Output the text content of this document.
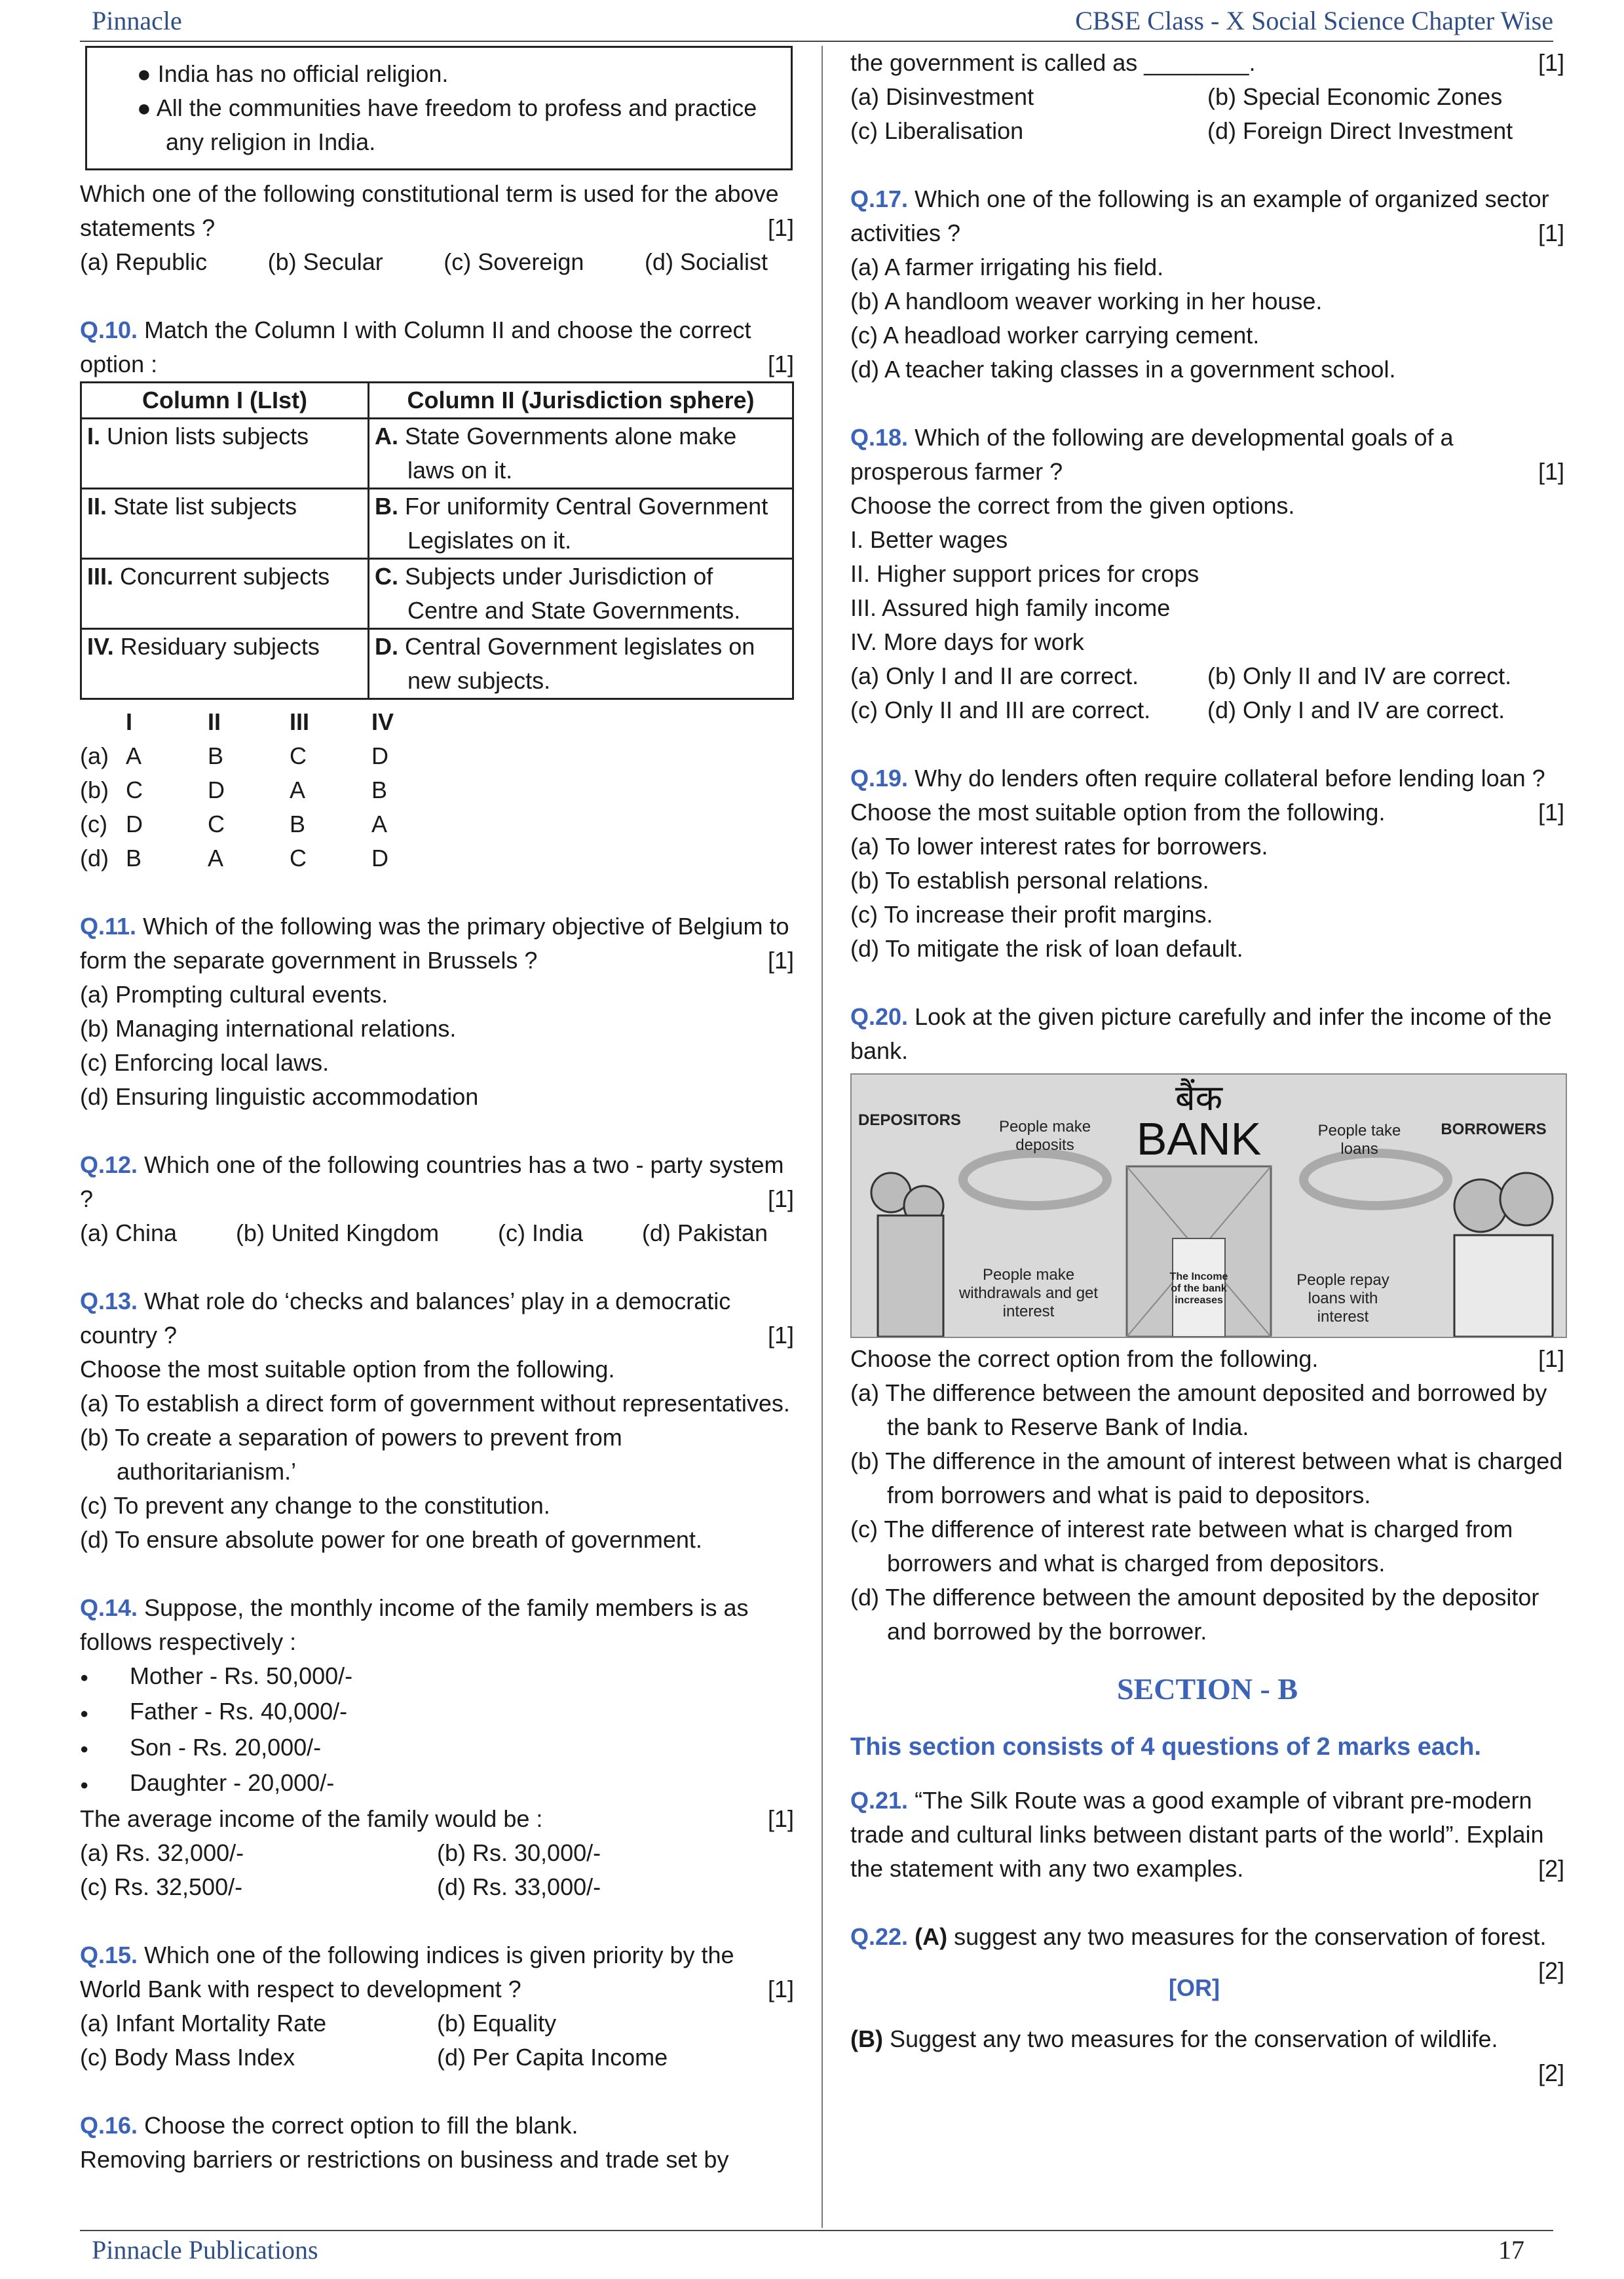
Pinnacle	CBSE Class - X Social Science Chapter Wise

● India has no official religion.

● All the communities have freedom to profess and practice any religion in India.

Which one of the following constitutional term is used for the above statements ?	[1]

(a) Republic	(b) Secular	(c) Sovereign	(d) Socialist

Q.10. Match the Column I with Column II and choose the correct option :	[1]

Column I (LIst)	Column II (Jurisdiction sphere)
I. Union lists subjects	A. State Governments alone make laws on it.
II. State list subjects	B. For uniformity Central Government Legislates on it.
III. Concurrent subjects	C. Subjects under Jurisdiction of Centre and State Governments.
IV. Residuary subjects	D. Central Government legislates on new subjects.
	I	II	III	IV
(a)	A	B	C	D
(b)	C	D	A	B
(c)	D	C	B	A
(d)	B	A	C	D

Q.11. Which of the following was the primary objective of Belgium to form the separate government in Brussels ?	[1]

(a) Prompting cultural events.

(b) Managing international relations.

(c) Enforcing local laws.

(d) Ensuring linguistic accommodation

Q.12. Which one of the following countries has a two - party system ?	[1]

(a) China (b) United Kingdom (c) India (d) Pakistan

Q.13. What role do ‘checks and balances’ play in a democratic country ?	[1]

Choose the most suitable option from the following.

(a) To establish a direct form of government without representatives.

(b) To create a separation of powers to prevent from authoritarianism.’

(c) To prevent any change to the constitution.

(d) To ensure absolute power for one breath of government.

Q.14. Suppose, the monthly income of the family members is as follows respectively :

● Mother - Rs. 50,000/-

● Father - Rs. 40,000/-

● Son - Rs. 20,000/-

● Daughter - 20,000/-

The average income of the family would be :	[1]

(a) Rs. 32,000/-	(b) Rs. 30,000/-

(c) Rs. 32,500/-	(d) Rs. 33,000/-

Q.15. Which one of the following indices is given priority by the World Bank with respect to development ?	[1]

(a) Infant Mortality Rate	(b) Equality

(c) Body Mass Index	(d) Per Capita Income

Q.16. Choose the correct option to fill the blank.

Removing barriers or restrictions on business and trade set by

the government is called as ________.	[1]

(a) Disinvestment	(b) Special Economic Zones

(c) Liberalisation	(d) Foreign Direct Investment

Q.17. Which one of the following is an example of organized sector activities ?	[1]

(a) A farmer irrigating his field.

(b) A handloom weaver working in her house.

(c) A headload worker carrying cement.

(d) A teacher taking classes in a government school.

Q.18. Which of the following are developmental goals of a prosperous farmer ?	[1]

Choose the correct from the given options.

I. Better wages

II. Higher support prices for crops

III. Assured high family income

IV. More days for work

(a) Only I and II are correct.	(b) Only II and IV are correct.

(c) Only II and III are correct.	(d) Only I and IV are correct.

Q.19. Why do lenders often require collateral before lending loan ?

Choose the most suitable option from the following.	[1]

(a) To lower interest rates for borrowers.

(b) To establish personal relations.

(c) To increase their profit margins.

(d) To mitigate the risk of loan default.

Q.20. Look at the given picture carefully and infer the income of the bank.

DEPOSITORS	People make deposits
बैंक
BANK	People take loans
BORROWERS
People make withdrawals and get interest
The Income of the bank increases
People repay loans with interest

Choose the correct option from the following.	[1]

(a) The difference between the amount deposited and borrowed by the bank to Reserve Bank of India.

(b) The difference in the amount of interest between what is charged from borrowers and what is paid to depositors.

(c) The difference of interest rate between what is charged from borrowers and what is charged from depositors.

(d) The difference between the amount deposited by the depositor and borrowed by the borrower.

SECTION - B

This section consists of 4 questions of 2 marks each.

Q.21. “The Silk Route was a good example of vibrant pre-modern trade and cultural links between distant parts of the world”. Explain the statement with any two examples.	[2]

Q.22. (A) suggest any two measures for the conservation of forest.
[2]

[OR]

(B) Suggest any two measures for the conservation of wildlife.

[2]

Pinnacle Publications	17
